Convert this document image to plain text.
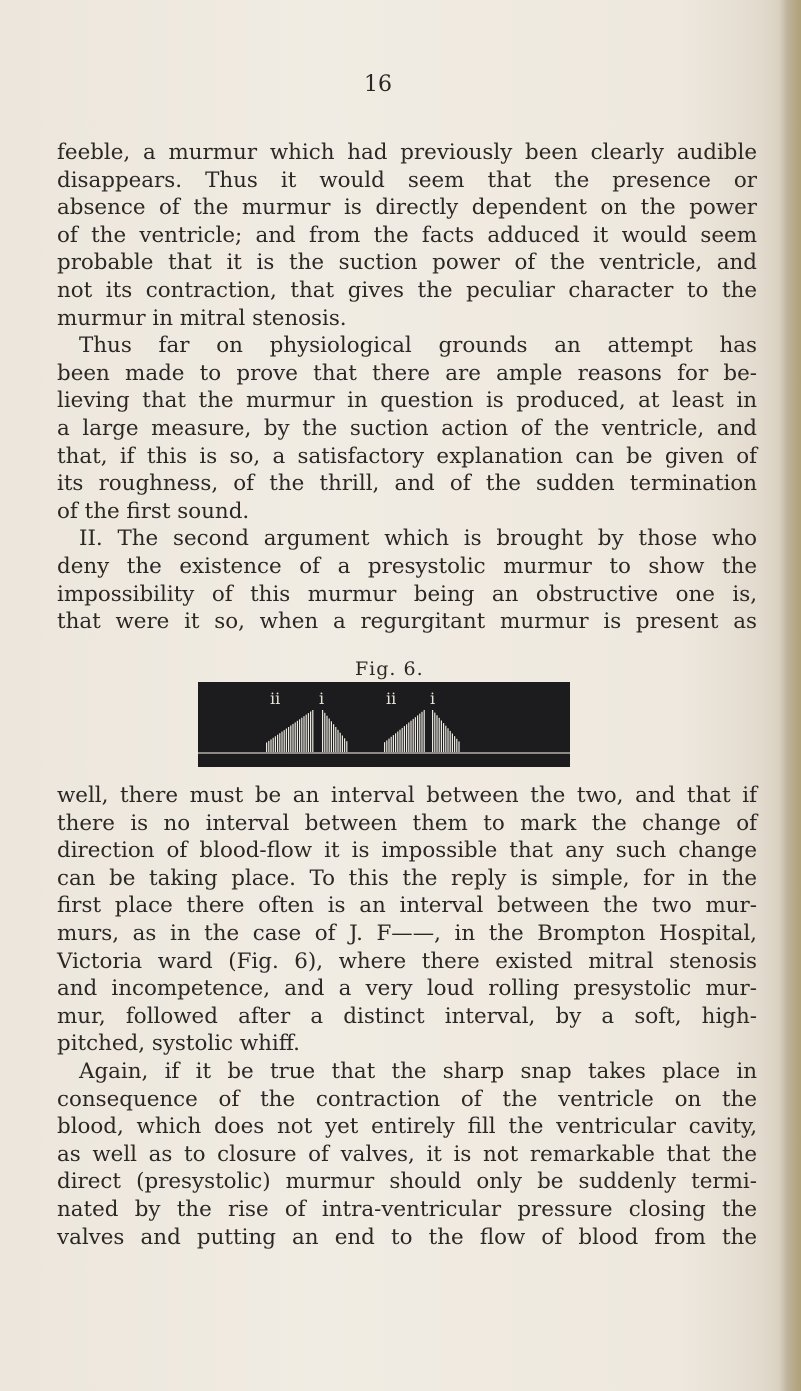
16
feeble, a murmur which had previously been clearly audible
disappears. Thus it would seem that the presence or
absence of the murmur is directly dependent on the power
of the ventricle; and from the facts adduced it would seem
probable that it is the suction power of the ventricle, and
not its contraction, that gives the peculiar character to the
murmur in mitral stenosis.
Thus far on physiological grounds an attempt has
been made to prove that there are ample reasons for be-
lieving that the murmur in question is produced, at least in
a large measure, by the suction action of the ventricle, and
that, if this is so, a satisfactory explanation can be given of
its roughness, of the thrill, and of the sudden termination
of the first sound.
II. The second argument which is brought by those who
deny the existence of a presystolic murmur to show the
impossibility of this murmur being an obstructive one is,
that were it so, when a regurgitant murmur is present as
Fig. 6.
ii i	ii i
well, there must be an interval between the two, and that if
there is no interval between them to mark the change of
direction of blood-flow it is impossible that any such change
can be taking place. To this the reply is simple, for in the
first place there often is an interval between the two mur-
murs, as in the case of J. F——, in the Brompton Hospital,
Victoria ward (Fig. 6), where there existed mitral stenosis
and incompetence, and a very loud rolling presystolic mur-
mur, followed after a distinct interval, by a soft, high-
pitched, systolic whiff.
Again, if it be true that the sharp snap takes place in
consequence of the contraction of the ventricle on the
blood, which does not yet entirely fill the ventricular cavity,
as well as to closure of valves, it is not remarkable that the
direct (presystolic) murmur should only be suddenly termi-
nated by the rise of intra-ventricular pressure closing the
valves and putting an end to the flow of blood from the
